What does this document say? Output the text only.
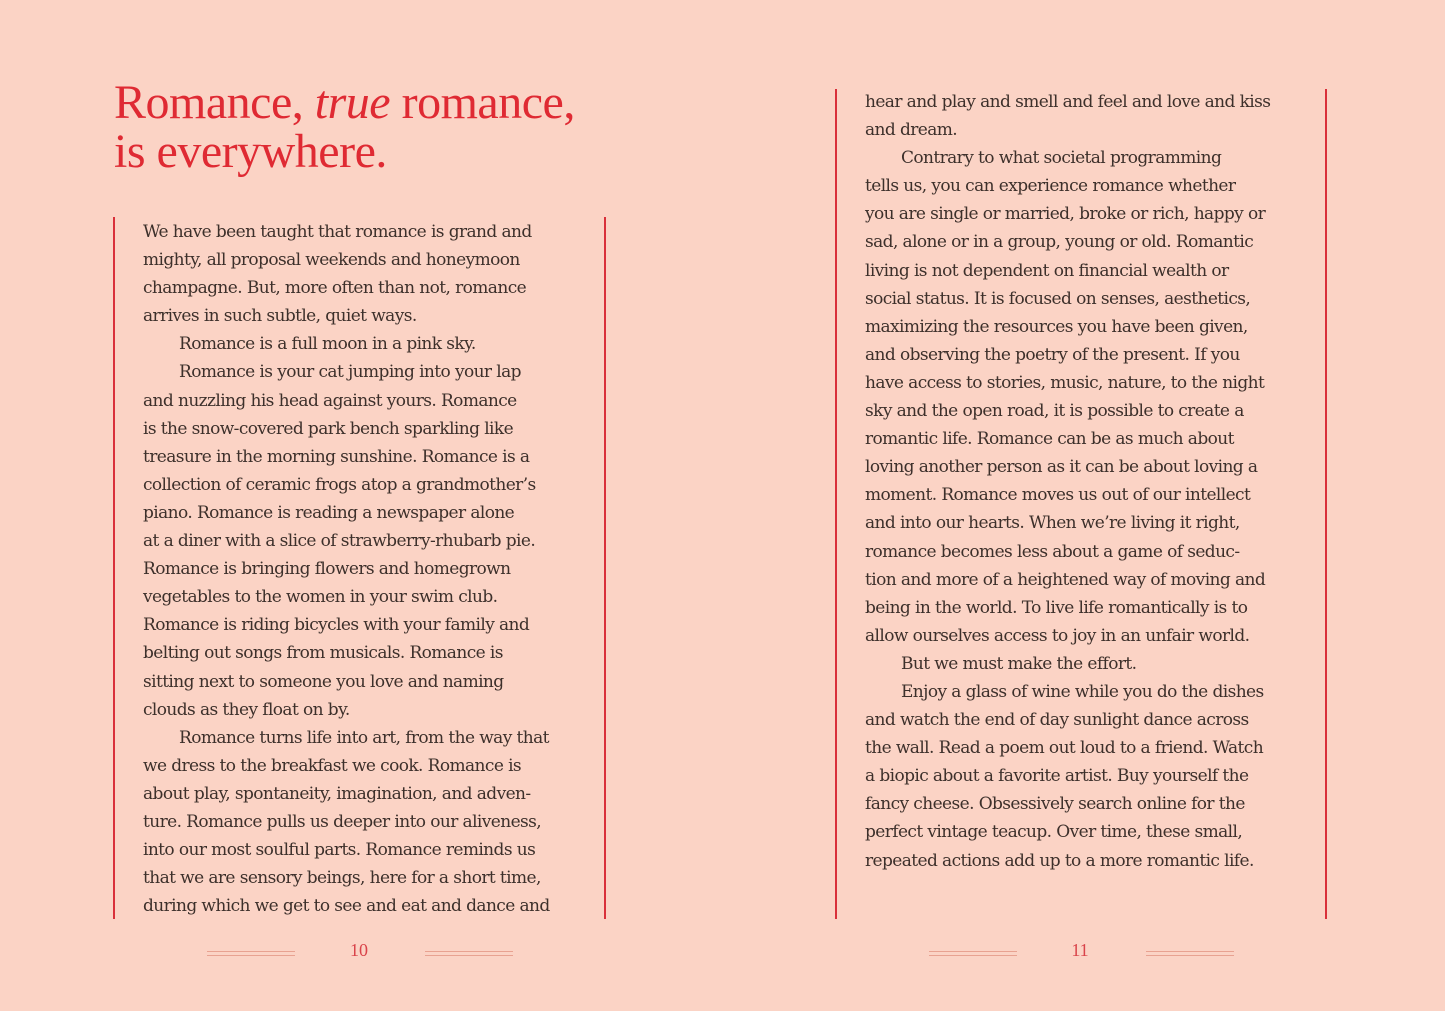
Romance, true romance,
is everywhere.
We have been taught that romance is grand and
mighty, all proposal weekends and honeymoon
champagne. But, more often than not, romance
arrives in such subtle, quiet ways.
Romance is a full moon in a pink sky.
Romance is your cat jumping into your lap
and nuzzling his head against yours. Romance
is the snow-covered park bench sparkling like
treasure in the morning sunshine. Romance is a
collection of ceramic frogs atop a grandmother’s
piano. Romance is reading a newspaper alone
at a diner with a slice of strawberry-rhubarb pie.
Romance is bringing flowers and homegrown
vegetables to the women in your swim club.
Romance is riding bicycles with your family and
belting out songs from musicals. Romance is
sitting next to someone you love and naming
clouds as they float on by.
Romance turns life into art, from the way that
we dress to the breakfast we cook. Romance is
about play, spontaneity, imagination, and adven-
ture. Romance pulls us deeper into our aliveness,
into our most soulful parts. Romance reminds us
that we are sensory beings, here for a short time,
during which we get to see and eat and dance and
10
hear and play and smell and feel and love and kiss
and dream.
Contrary to what societal programming
tells us, you can experience romance whether
you are single or married, broke or rich, happy or
sad, alone or in a group, young or old. Romantic
living is not dependent on financial wealth or
social status. It is focused on senses, aesthetics,
maximizing the resources you have been given,
and observing the poetry of the present. If you
have access to stories, music, nature, to the night
sky and the open road, it is possible to create a
romantic life. Romance can be as much about
loving another person as it can be about loving a
moment. Romance moves us out of our intellect
and into our hearts. When we’re living it right,
romance becomes less about a game of seduc-
tion and more of a heightened way of moving and
being in the world. To live life romantically is to
allow ourselves access to joy in an unfair world.
But we must make the effort.
Enjoy a glass of wine while you do the dishes
and watch the end of day sunlight dance across
the wall. Read a poem out loud to a friend. Watch
a biopic about a favorite artist. Buy yourself the
fancy cheese. Obsessively search online for the
perfect vintage teacup. Over time, these small,
repeated actions add up to a more romantic life.
11
